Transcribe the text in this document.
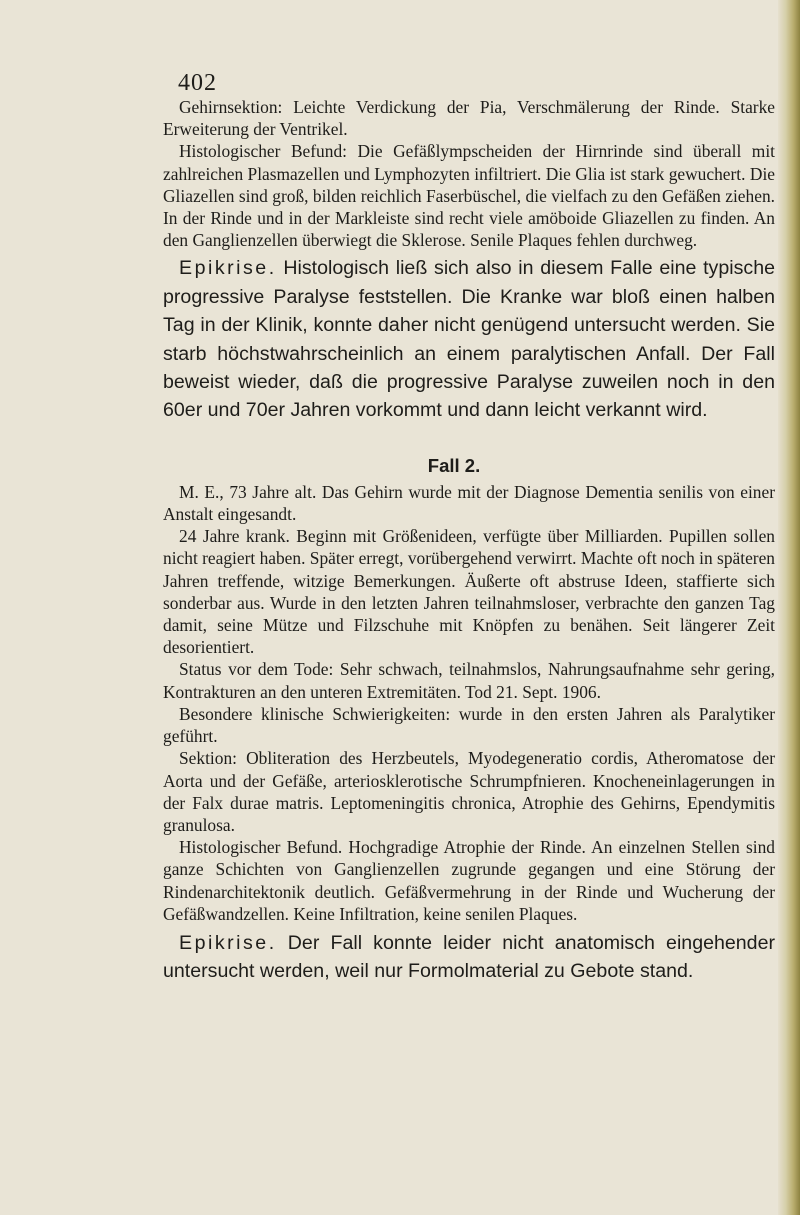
402

Gehirnsektion: Leichte Verdickung der Pia, Verschmälerung der Rinde. Starke Erweiterung der Ventrikel.

Histologischer Befund: Die Gefäßlympscheiden der Hirnrinde sind überall mit zahlreichen Plasmazellen und Lymphozyten infiltriert. Die Glia ist stark gewuchert. Die Gliazellen sind groß, bilden reichlich Faserbüschel, die vielfach zu den Gefäßen ziehen. In der Rinde und in der Markleiste sind recht viele amöboide Gliazellen zu finden. An den Ganglienzellen überwiegt die Sklerose. Senile Plaques fehlen durchweg.

Epikrise. Histologisch ließ sich also in diesem Falle eine typische progressive Paralyse feststellen. Die Kranke war bloß einen halben Tag in der Klinik, konnte daher nicht genügend untersucht werden. Sie starb höchstwahrscheinlich an einem paralytischen Anfall. Der Fall beweist wieder, daß die progressive Paralyse zuweilen noch in den 60er und 70er Jahren vorkommt und dann leicht verkannt wird.

Fall 2.

M. E., 73 Jahre alt. Das Gehirn wurde mit der Diagnose Dementia senilis von einer Anstalt eingesandt.

24 Jahre krank. Beginn mit Größenideen, verfügte über Milliarden. Pupillen sollen nicht reagiert haben. Später erregt, vorübergehend verwirrt. Machte oft noch in späteren Jahren treffende, witzige Bemerkungen. Äußerte oft abstruse Ideen, staffierte sich sonderbar aus. Wurde in den letzten Jahren teilnahmsloser, verbrachte den ganzen Tag damit, seine Mütze und Filzschuhe mit Knöpfen zu benähen. Seit längerer Zeit desorientiert.

Status vor dem Tode: Sehr schwach, teilnahmslos, Nahrungsaufnahme sehr gering, Kontrakturen an den unteren Extremitäten. Tod 21. Sept. 1906.

Besondere klinische Schwierigkeiten: wurde in den ersten Jahren als Paralytiker geführt.

Sektion: Obliteration des Herzbeutels, Myodegeneratio cordis, Atheromatose der Aorta und der Gefäße, arteriosklerotische Schrumpfnieren. Knocheneinlagerungen in der Falx durae matris. Leptomeningitis chronica, Atrophie des Gehirns, Ependymitis granulosa.

Histologischer Befund. Hochgradige Atrophie der Rinde. An einzelnen Stellen sind ganze Schichten von Ganglienzellen zugrunde gegangen und eine Störung der Rindenarchitektonik deutlich. Gefäßvermehrung in der Rinde und Wucherung der Gefäßwandzellen. Keine Infiltration, keine senilen Plaques.

Epikrise. Der Fall konnte leider nicht anatomisch eingehender untersucht werden, weil nur Formolmaterial zu Gebote stand.
